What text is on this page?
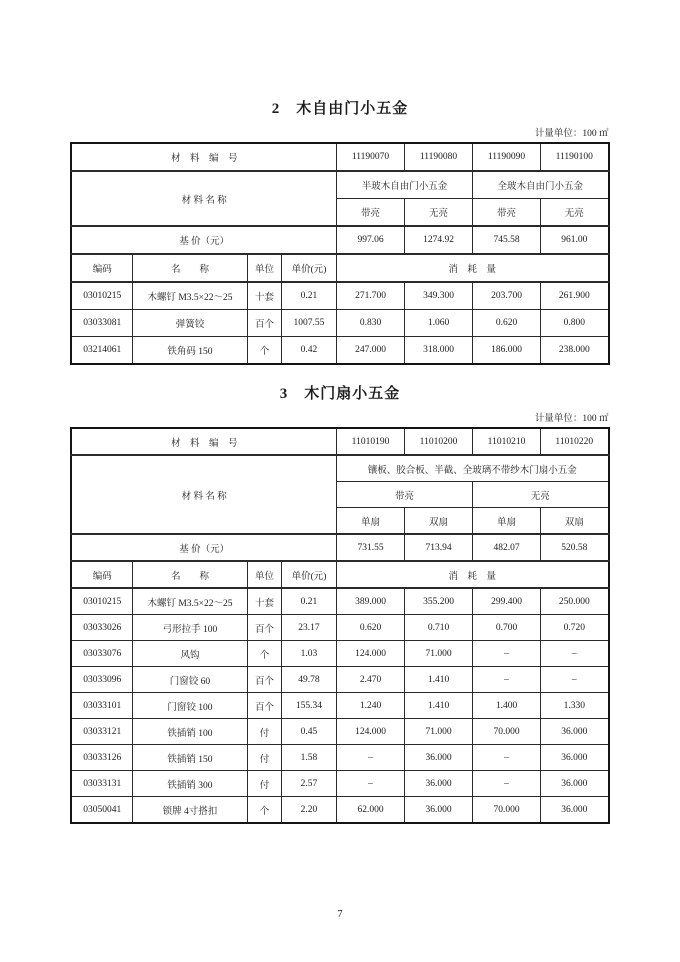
2　木自由门小五金
计量单位：100 ㎡
材　料　编　号				11190070	11190080	11190090	11190100
材 料 名 称				半玻木自由门小五金		全玻木自由门小五金	
				带亮	无亮	带亮	无亮
基 价（元）				997.06	1274.92	745.58	961.00
编码	名　　称	单位	单价(元)	消　耗　量			
03010215	木螺钉 M3.5×22～25	十套	0.21	271.700	349.300	203.700	261.900
03033081	弹簧铰	百个	1007.55	0.830	1.060	0.620	0.800
03214061	铁角码 150	个	0.42	247.000	318.000	186.000	238.000
3　木门扇小五金
计量单位：100 ㎡
材　料　编　号				11010190	11010200	11010210	11010220
材 料 名 称				镶板、胶合板、半截、全玻璃不带纱木门扇小五金			
				带亮		无亮	
				单扇	双扇	单扇	双扇
基 价（元）				731.55	713.94	482.07	520.58
编码	名　　称	单位	单价(元)	消　耗　量			
03010215	木螺钉 M3.5×22～25	十套	0.21	389.000	355.200	299.400	250.000
03033026	弓形拉手 100	百个	23.17	0.620	0.710	0.700	0.720
03033076	风钩	个	1.03	124.000	71.000	–	–
03033096	门窗铰 60	百个	49.78	2.470	1.410	–	–
03033101	门窗铰 100	百个	155.34	1.240	1.410	1.400	1.330
03033121	铁插销 100	付	0.45	124.000	71.000	70.000	36.000
03033126	铁插销 150	付	1.58	–	36.000	–	36.000
03033131	铁插销 300	付	2.57	–	36.000	–	36.000
03050041	锁牌 4寸搭扣	个	2.20	62.000	36.000	70.000	36.000
7
